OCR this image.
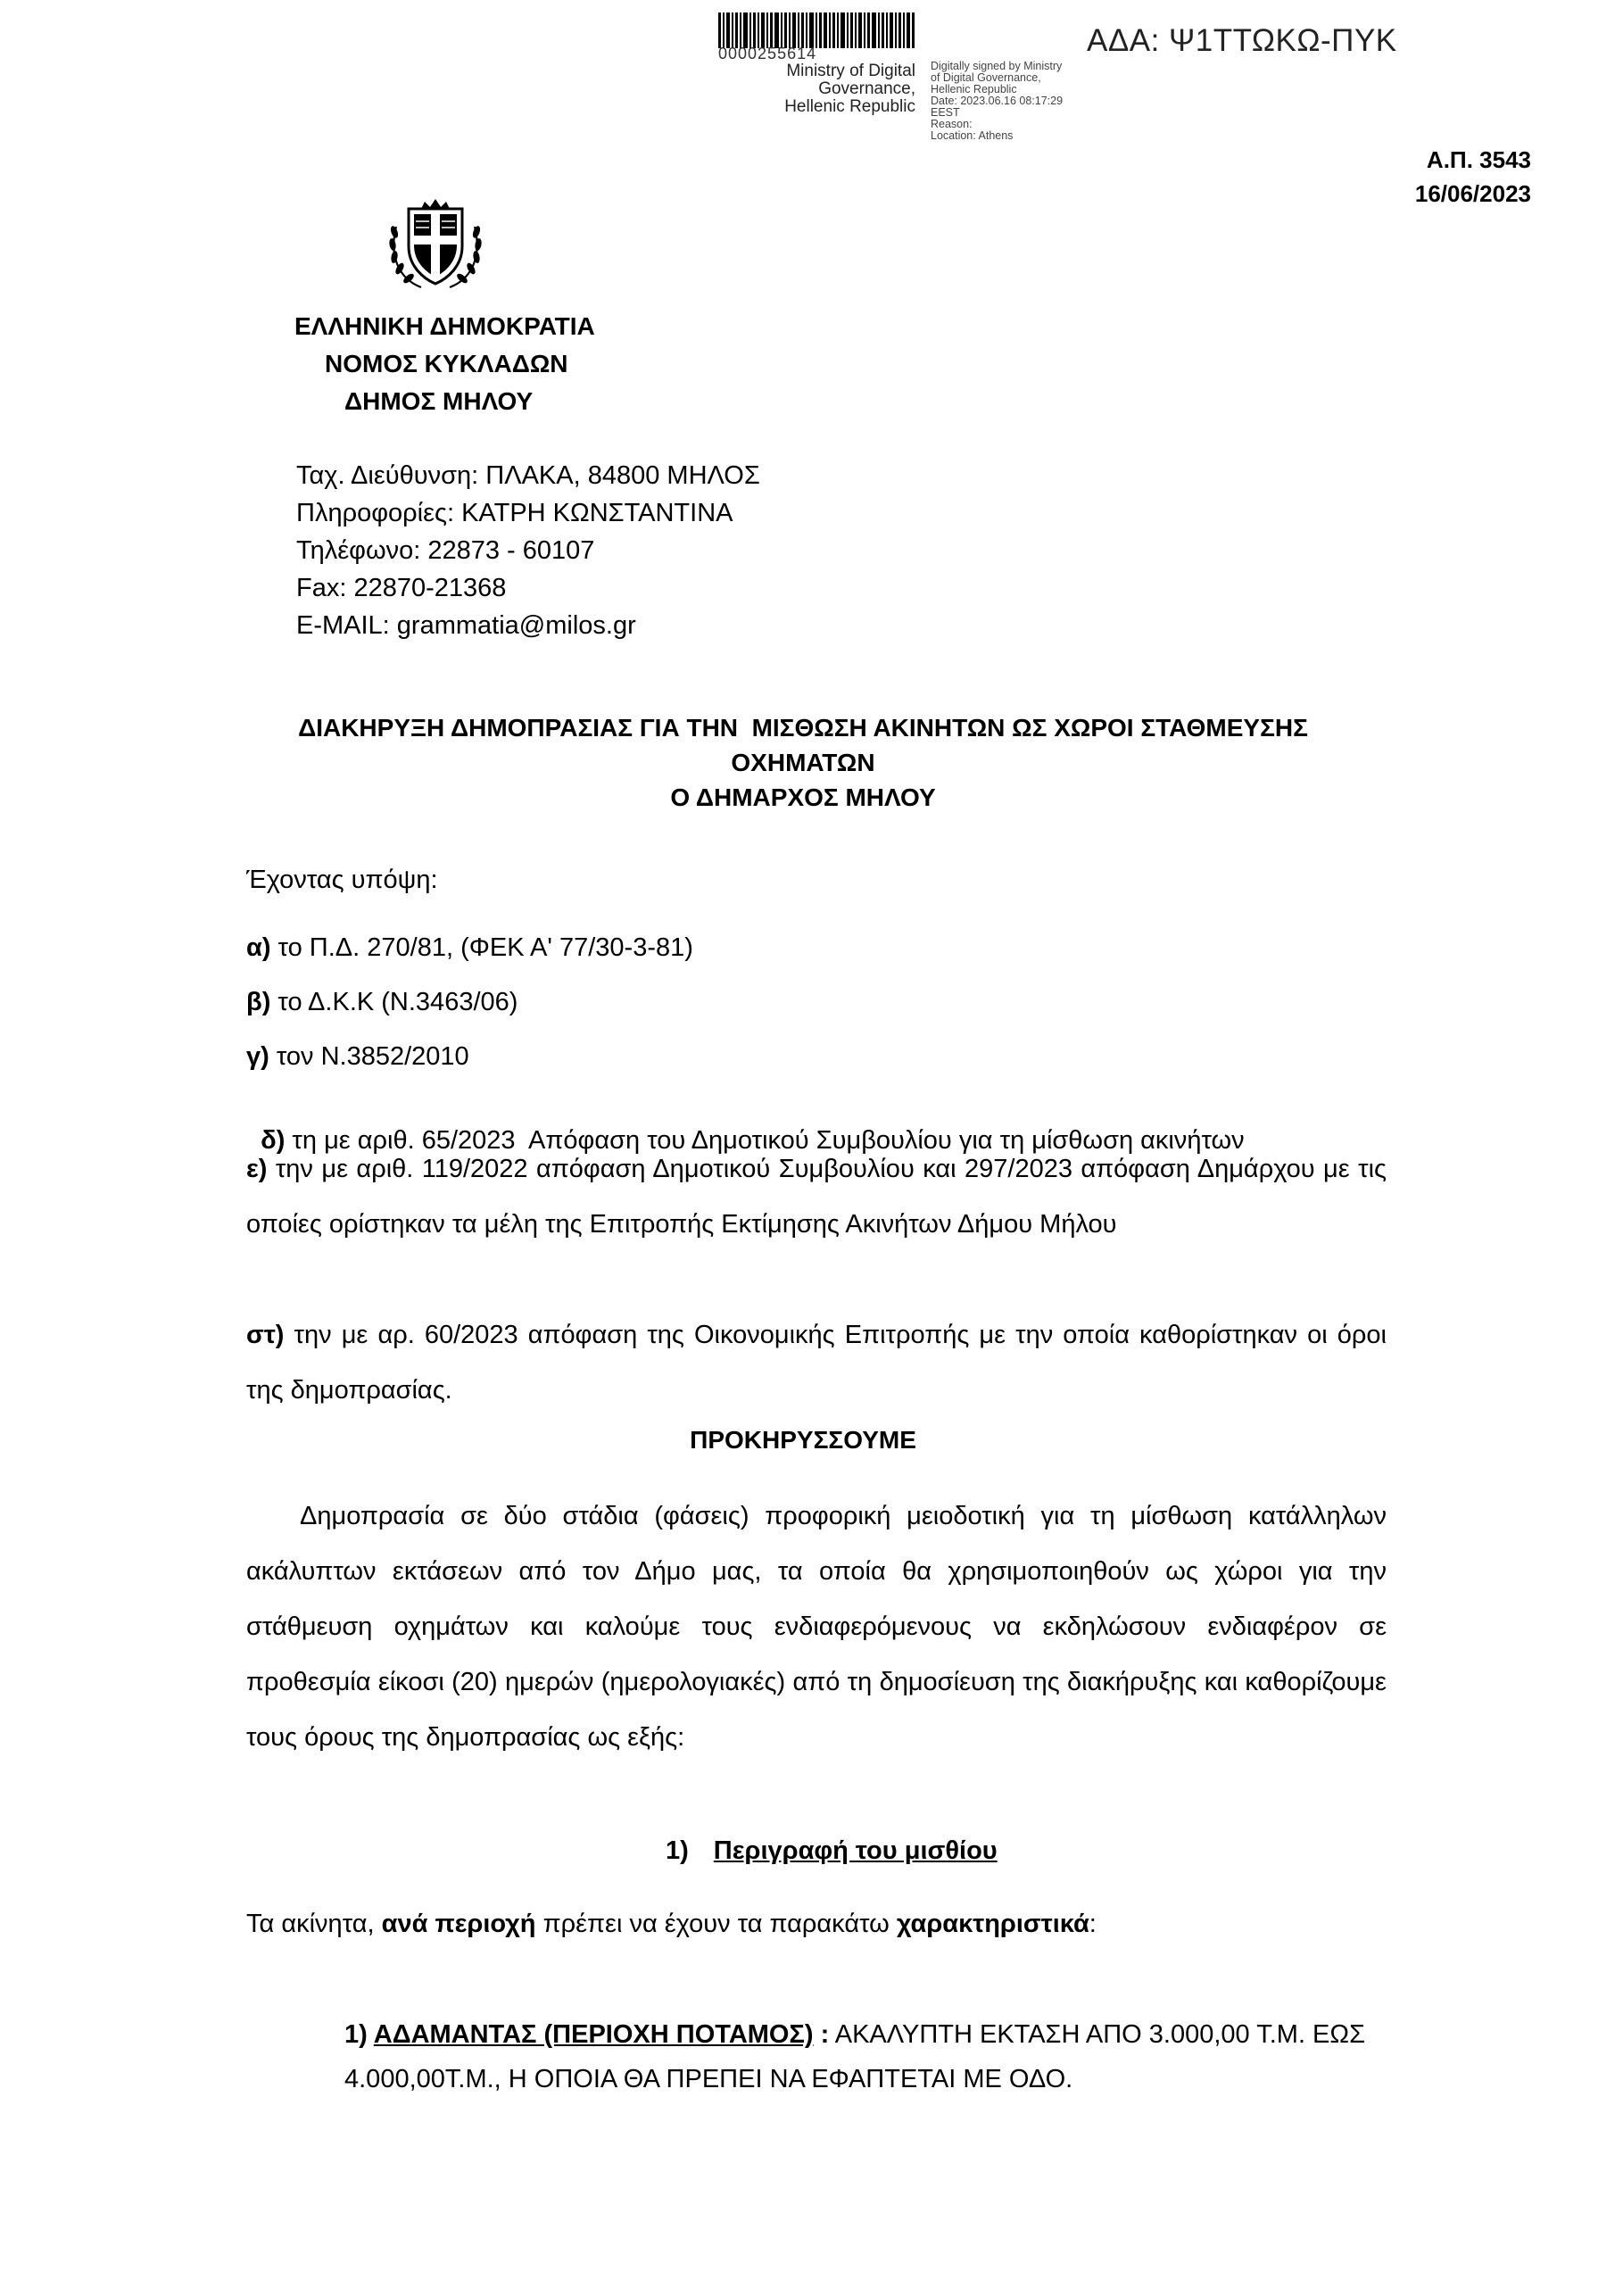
0000255614
Ministry of Digital
Governance,
Hellenic Republic
Digitally signed by Ministry
of Digital Governance,
Hellenic Republic
Date: 2023.06.16 08:17:29
EEST
Reason:
Location: Athens
ΑΔΑ: Ψ1ΤΤΩΚΩ-ΠΥΚ
Α.Π. 3543
16/06/2023
ΕΛΛΗΝΙΚΗ ΔΗΜΟΚΡΑΤΙΑ
ΝΟΜΟΣ ΚΥΚΛΑΔΩΝ
ΔΗΜΟΣ ΜΗΛΟΥ
Ταχ. Διεύθυνση: ΠΛΑΚΑ, 84800 ΜΗΛΟΣ
Πληροφορίες: ΚΑΤΡΗ ΚΩΝΣΤΑΝΤΙΝΑ
Τηλέφωνο: 22873 - 60107
Fax: 22870-21368
E-MAIL: grammatia@milos.gr
ΔΙΑΚΗΡΥΞΗ ΔΗΜΟΠΡΑΣΙΑΣ ΓΙΑ ΤΗΝ  ΜΙΣΘΩΣΗ ΑΚΙΝΗΤΩΝ ΩΣ ΧΩΡΟΙ ΣΤΑΘΜΕΥΣΗΣ
ΟΧΗΜΑΤΩΝ
Ο ΔΗΜΑΡΧΟΣ ΜΗΛΟΥ
Έχοντας υπόψη:
α) το Π.Δ. 270/81, (ΦΕΚ Α' 77/30-3-81)
β) το Δ.Κ.Κ (Ν.3463/06)
γ) τον Ν.3852/2010

δ) τη με αριθ. 65/2023  Απόφαση του Δημοτικού Συμβουλίου για τη μίσθωση ακινήτων

ε) την με αριθ. 119/2022 απόφαση Δημοτικού Συμβουλίου και 297/2023 απόφαση Δημάρχου με τις οποίες ορίστηκαν τα μέλη της Επιτροπής Εκτίμησης Ακινήτων Δήμου Μήλου
στ) την με αρ. 60/2023 απόφαση της Οικονομικής Επιτροπής με την οποία καθορίστηκαν οι όροι της δημοπρασίας.
ΠΡΟΚΗΡΥΣΣΟΥΜΕ
Δημοπρασία σε δύο στάδια (φάσεις) προφορική μειοδοτική για τη μίσθωση κατάλληλων ακάλυπτων εκτάσεων από τον Δήμο μας, τα οποία θα χρησιμοποιηθούν ως χώροι για την στάθμευση οχημάτων και καλούμε τους ενδιαφερόμενους να εκδηλώσουν ενδιαφέρον σε προθεσμία είκοσι (20) ημερών (ημερολογιακές) από τη δημοσίευση της διακήρυξης και καθορίζουμε τους όρους της δημοπρασίας ως εξής:
1) Περιγραφή του μισθίου
Τα ακίνητα, ανά περιοχή πρέπει να έχουν τα παρακάτω χαρακτηριστικά:
1) ΑΔΑΜΑΝΤΑΣ (ΠΕΡΙΟΧΗ ΠΟΤΑΜΟΣ) : ΑΚΑΛΥΠΤΗ ΕΚΤΑΣΗ ΑΠΟ 3.000,00 Τ.Μ. ΕΩΣ 4.000,00Τ.Μ., Η ΟΠΟΙΑ ΘΑ ΠΡΕΠΕΙ ΝΑ ΕΦΑΠΤΕΤΑΙ ΜΕ ΟΔΟ.
